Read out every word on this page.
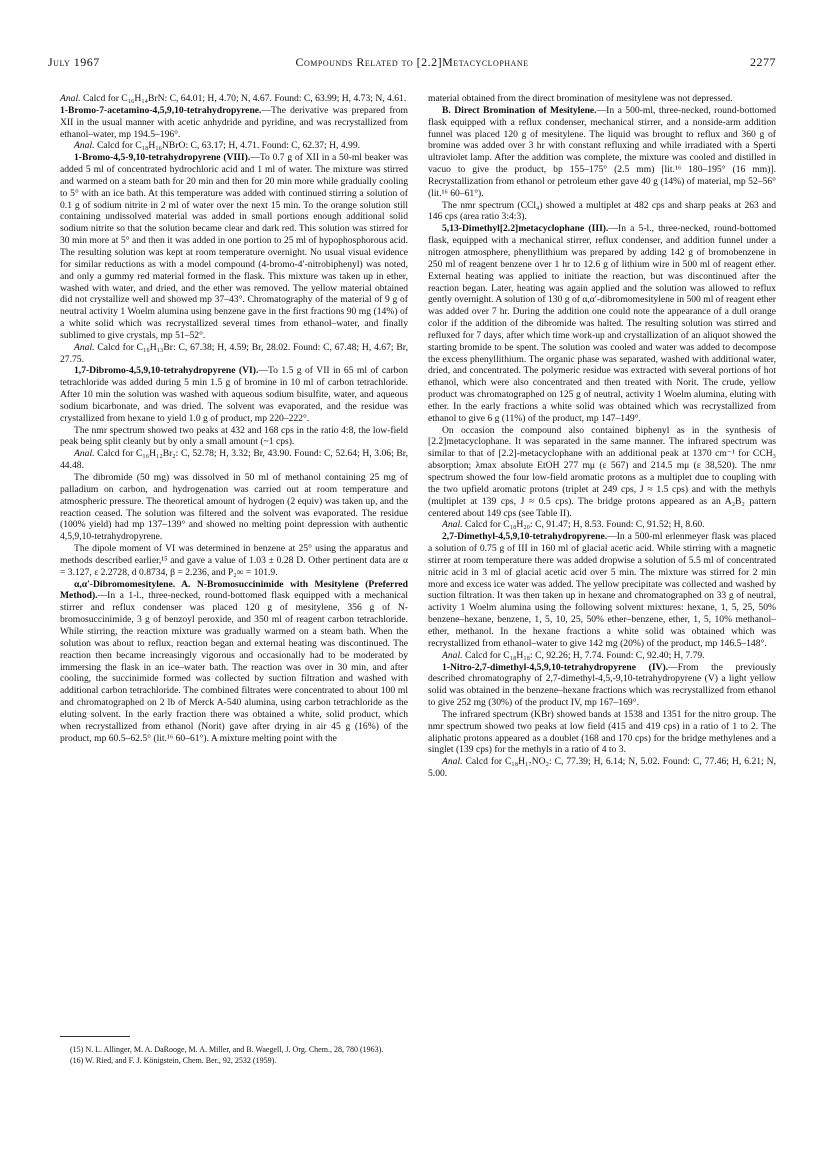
July 1967	Compounds Related to [2.2]Metacyclophane	2277

Anal. Calcd for C₁₆H₁₄BrN: C, 64.01; H, 4.70; N, 4.67. Found: C, 63.99; H, 4.73; N, 4.61.

1-Bromo-7-acetamino-4,5,9,10-tetrahydropyrene.—The derivative was prepared from XII in the usual manner with acetic anhydride and pyridine, and was recrystallized from ethanol–water, mp 194.5–196°.

Anal. Calcd for C₁₈H₁₆NBrO: C, 63.17; H, 4.71. Found: C, 62.37; H, 4.99.

1-Bromo-4,5-9,10-tetrahydropyrene (VIII).—To 0.7 g of XII in a 50-ml beaker was added 5 ml of concentrated hydrochloric acid and 1 ml of water. The mixture was stirred and warmed on a steam bath for 20 min and then for 20 min more while gradually cooling to 5° with an ice bath. At this temperature was added with continued stirring a solution of 0.1 g of sodium nitrite in 2 ml of water over the next 15 min. To the orange solution still containing undissolved material was added in small portions enough additional solid sodium nitrite so that the solution became clear and dark red. This solution was stirred for 30 min more at 5° and then it was added in one portion to 25 ml of hypophosphorous acid. The resulting solution was kept at room temperature overnight. No usual visual evidence for similar reductions as with a model compound (4-bromo-4′-nitrobiphenyl) was noted, and only a gummy red material formed in the flask. This mixture was taken up in ether, washed with water, and dried, and the ether was removed. The yellow material obtained did not crystallize well and showed mp 37–43°. Chromatography of the material of 9 g of neutral activity 1 Woelm alumina using benzene gave in the first fractions 90 mg (14%) of a white solid which was recrystallized several times from ethanol–water, and finally sublimed to give crystals, mp 51–52°.

Anal. Calcd for C₁₆H₁₃Br: C, 67.38; H, 4.59; Br, 28.02. Found: C, 67.48; H, 4.67; Br, 27.75.

1,7-Dibromo-4,5,9,10-tetrahydropyrene (VI).—To 1.5 g of VII in 65 ml of carbon tetrachloride was added during 5 min 1.5 g of bromine in 10 ml of carbon tetrachloride. After 10 min the solution was washed with aqueous sodium bisulfite, water, and aqueous sodium bicarbonate, and was dried. The solvent was evaporated, and the residue was crystallized from hexane to yield 1.0 g of product, mp 220–222°.

The nmr spectrum showed two peaks at 432 and 168 cps in the ratio 4:8, the low-field peak being split cleanly but by only a small amount (~1 cps).

Anal. Calcd for C₁₆H₁₂Br₂: C, 52.78; H, 3.32; Br, 43.90. Found: C, 52.64; H, 3.06; Br, 44.48.

The dibromide (50 mg) was dissolved in 50 ml of methanol containing 25 mg of palladium on carbon, and hydrogenation was carried out at room temperature and atmospheric pressure. The theoretical amount of hydrogen (2 equiv) was taken up, and the reaction ceased. The solution was filtered and the solvent was evaporated. The residue (100% yield) had mp 137–139° and showed no melting point depression with authentic 4,5,9,10-tetrahydropyrene.

The dipole moment of VI was determined in benzene at 25° using the apparatus and methods described earlier,¹⁵ and gave a value of 1.03 ± 0.28 D. Other pertinent data are α = 3.127, ε 2.2728, d 0.8734, β = 2.236, and P₂∞ = 101.9.

α,α′-Dibromomesitylene. A. N-Bromosuccinimide with Mesitylene (Preferred Method).—In a 1-l., three-necked, round-bottomed flask equipped with a mechanical stirrer and reflux condenser was placed 120 g of mesitylene, 356 g of N-bromosuccinimide, 3 g of benzoyl peroxide, and 350 ml of reagent carbon tetrachloride. While stirring, the reaction mixture was gradually warmed on a steam bath. When the solution was about to reflux, reaction began and external heating was discontinued. The reaction then became increasingly vigorous and occasionally had to be moderated by immersing the flask in an ice–water bath. The reaction was over in 30 min, and after cooling, the succinimide formed was collected by suction filtration and washed with additional carbon tetrachloride. The combined filtrates were concentrated to about 100 ml and chromatographed on 2 lb of Merck A-540 alumina, using carbon tetrachloride as the eluting solvent. In the early fraction there was obtained a white, solid product, which when recrystallized from ethanol (Norit) gave after drying in air 45 g (16%) of the product, mp 60.5–62.5° (lit.¹⁶ 60–61°). A mixture melting point with the

material obtained from the direct bromination of mesitylene was not depressed.

B. Direct Bromination of Mesitylene.—In a 500-ml, three-necked, round-bottomed flask equipped with a reflux condenser, mechanical stirrer, and a nonside-arm addition funnel was placed 120 g of mesitylene. The liquid was brought to reflux and 360 g of bromine was added over 3 hr with constant refluxing and while irradiated with a Sperti ultraviolet lamp. After the addition was complete, the mixture was cooled and distilled in vacuo to give the product, bp 155–175° (2.5 mm) [lit.¹⁶ 180–195° (16 mm)]. Recrystallization from ethanol or petroleum ether gave 40 g (14%) of material, mp 52–56° (lit.¹⁶ 60–61°).

The nmr spectrum (CCl₄) showed a multiplet at 482 cps and sharp peaks at 263 and 146 cps (area ratio 3:4:3).

5,13-Dimethyl[2.2]metacyclophane (III).—In a 5-l., three-necked, round-bottomed flask, equipped with a mechanical stirrer, reflux condenser, and addition funnel under a nitrogen atmosphere, phenyllithium was prepared by adding 142 g of bromobenzene in 250 ml of reagent benzene over 1 hr to 12.6 g of lithium wire in 500 ml of reagent ether. External heating was applied to initiate the reaction, but was discontinued after the reaction began. Later, heating was again applied and the solution was allowed to reflux gently overnight. A solution of 130 g of α,α′-dibromomesitylene in 500 ml of reagent ether was added over 7 hr. During the addition one could note the appearance of a dull orange color if the addition of the dibromide was halted. The resulting solution was stirred and refluxed for 7 days, after which time work-up and crystallization of an aliquot showed the starting bromide to be spent. The solution was cooled and water was added to decompose the excess phenyllithium. The organic phase was separated, washed with additional water, dried, and concentrated. The polymeric residue was extracted with several portions of hot ethanol, which were also concentrated and then treated with Norit. The crude, yellow product was chromatographed on 125 g of neutral, activity 1 Woelm alumina, eluting with ether. In the early fractions a white solid was obtained which was recrystallized from ethanol to give 6 g (11%) of the product, mp 147–149°.

On occasion the compound also contained biphenyl as in the synthesis of [2.2]metacyclophane. It was separated in the same manner. The infrared spectrum was similar to that of [2.2]-metacyclophane with an additional peak at 1370 cm⁻¹ for CCH₃ absorption; λmax absolute EtOH 277 mμ (ε 567) and 214.5 mμ (ε 38,520). The nmr spectrum showed the four low-field aromatic protons as a multiplet due to coupling with the two upfield aromatic protons (triplet at 249 cps, J ≈ 1.5 cps) and with the methyls (multiplet at 139 cps, J ≈ 0.5 cps). The bridge protons appeared as an A₂B₂ pattern centered about 149 cps (see Table II).

Anal. Calcd for C₁₈H₂₀: C, 91.47; H, 8.53. Found: C, 91.52; H, 8.60.

2,7-Dimethyl-4,5,9,10-tetrahydropyrene.—In a 500-ml erlenmeyer flask was placed a solution of 0.75 g of III in 160 ml of glacial acetic acid. While stirring with a magnetic stirrer at room temperature there was added dropwise a solution of 5.5 ml of concentrated nitric acid in 3 ml of glacial acetic acid over 5 min. The mixture was stirred for 2 min more and excess ice water was added. The yellow precipitate was collected and washed by suction filtration. It was then taken up in hexane and chromatographed on 33 g of neutral, activity 1 Woelm alumina using the following solvent mixtures: hexane, 1, 5, 25, 50% benzene–hexane, benzene, 1, 5, 10, 25, 50% ether–benzene, ether, 1, 5, 10% methanol–ether, methanol. In the hexane fractions a white solid was obtained which was recrystallized from ethanol–water to give 142 mg (20%) of the product, mp 146.5–148°.

Anal. Calcd for C₁₈H₁₈: C, 92.26; H, 7.74. Found: C, 92.40; H, 7.79.

1-Nitro-2,7-dimethyl-4,5,9,10-tetrahydropyrene (IV).—From the previously described chromatography of 2,7-dimethyl-4,5,-9,10-tetrahydropyrene (V) a light yellow solid was obtained in the benzene–hexane fractions which was recrystallized from ethanol to give 252 mg (30%) of the product IV, mp 167–169°.

The infrared spectrum (KBr) showed bands at 1538 and 1351 for the nitro group. The nmr spectrum showed two peaks at low field (415 and 419 cps) in a ratio of 1 to 2. The aliphatic protons appeared as a doublet (168 and 170 cps) for the bridge methylenes and a singlet (139 cps) for the methyls in a ratio of 4 to 3.

Anal. Calcd for C₁₈H₁₇NO₂: C, 77.39; H, 6.14; N, 5.02. Found: C, 77.46; H, 6.21; N, 5.00.

(15) N. L. Allinger, M. A. DaRooge, M. A. Miller, and B. Waegell, J. Org. Chem., 28, 780 (1963).

(16) W. Ried, and F. J. Königstein, Chem. Ber., 92, 2532 (1959).
